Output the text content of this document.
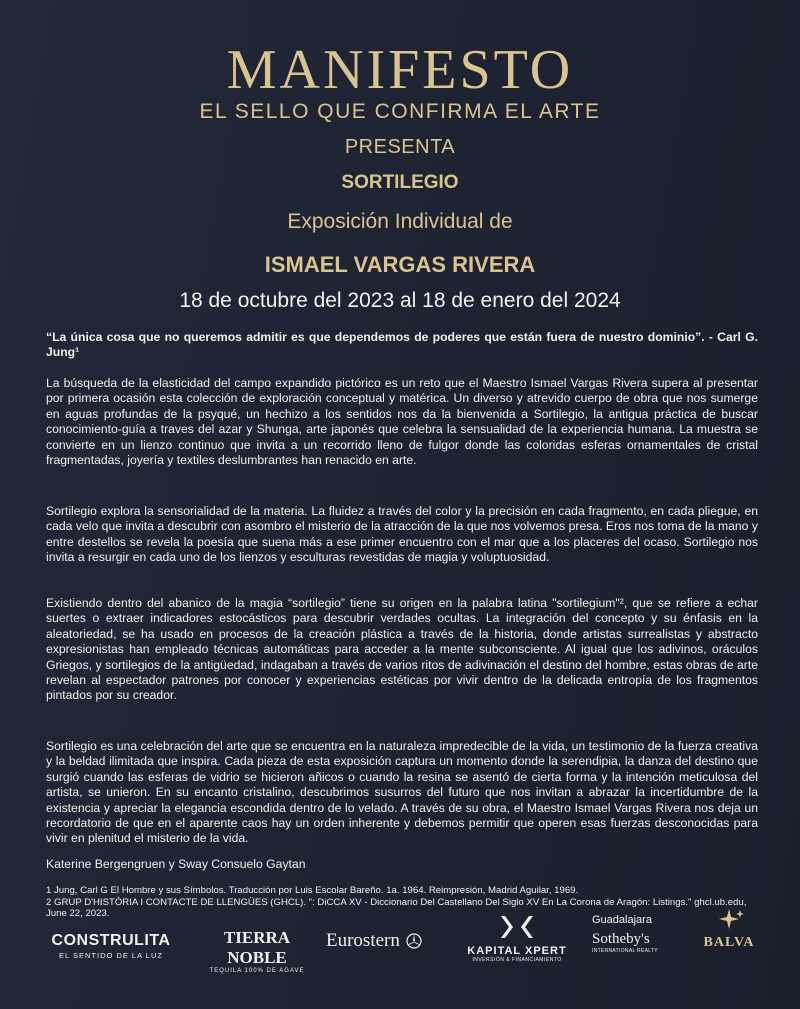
MANIFESTO
EL SELLO QUE CONFIRMA EL ARTE
PRESENTA
SORTILEGIO
Exposición Individual de
ISMAEL VARGAS RIVERA
18 de octubre del 2023 al 18 de enero del 2024
“La única cosa que no queremos admitir es que dependemos de poderes que están fuera de nuestro dominio”. - Carl G. Jung¹
La búsqueda de la elasticidad del campo expandido pictórico es un reto que el Maestro Ismael Vargas Rivera supera al presentar por primera ocasión esta colección de exploración conceptual y matérica. Un diverso y atrevido cuerpo de obra que nos sumerge en aguas profundas de la psyqué, un hechizo a los sentidos nos da la bienvenida a Sortilegio, la antigua práctica de buscar conocimiento-guía a traves del azar y Shunga, arte japonés que celebra la sensualidad de la experiencia humana. La muestra se convierte en un lienzo continuo que invita a un recorrido lleno de fulgor donde las coloridas esferas ornamentales de cristal fragmentadas, joyería y textiles deslumbrantes han renacido en arte.
Sortilegio explora la sensorialidad de la materia. La fluidez a través del color y la precisión en cada fragmento, en cada pliegue, en cada velo que invita a descubrir con asombro el misterio de la atracción de la que nos volvemos presa. Eros nos toma de la mano y entre destellos se revela la poesía que suena más a ese primer encuentro con el mar que a los placeres del ocaso. Sortilegio nos invita a resurgir en cada uno de los lienzos y esculturas revestidas de magia y voluptuosidad.
Existiendo dentro del abanico de la magia “sortilegio” tiene su origen en la palabra latina "sortilegium"², que se refiere a echar suertes o extraer indicadores estocásticos para descubrir verdades ocultas. La integración del concepto y su énfasis en la aleatoriedad, se ha usado en procesos de la creación plástica a través de la historia, donde artistas surrealistas y abstracto expresionistas han empleado técnicas automáticas para acceder a la mente subconsciente. Al igual que los adivinos, oráculos Griegos, y sortilegios de la antigüedad, indagaban a través de varios ritos de adivinación el destino del hombre, estas obras de arte revelan al espectador patrones por conocer y experiencias estéticas por vivir dentro de la delicada entropía de los fragmentos pintados por su creador.
Sortilegio es una celebración del arte que se encuentra en la naturaleza impredecible de la vida, un testimonio de la fuerza creativa y la beldad ilimitada que inspira. Cada pieza de esta exposición captura un momento donde la serendipia, la danza del destino que surgió cuando las esferas de vidrio se hicieron añicos o cuando la resina se asentó de cierta forma y la intención meticulosa del artista, se unieron. En su encanto cristalino, descubrimos susurros del futuro que nos invitan a abrazar la incertidumbre de la existencia y apreciar la elegancia escondida dentro de lo velado. A través de su obra, el Maestro Ismael Vargas Rivera nos deja un recordatorio de que en el aparente caos hay un orden inherente y debemos permitir que operen esas fuerzas desconocidas para vivir en plenitud el misterio de la vida.
Katerine Bergengruen y Sway Consuelo Gaytan
1 Jung, Carl G El Hombre y sus Símbolos. Traducción por Luis Escolar Bareño. 1a. 1964. Reimpresión, Madrid Aguilar, 1969.
2 GRUP D'HISTÒRIA I CONTACTE DE LLENGÜES (GHCL). ": DiCCA XV - Diccionario Del Castellano Del Siglo XV En La Corona de Aragón: Listings." ghcl.ub.edu, June 22, 2023.
CONSTRULITA
EL SENTIDO DE LA LUZ
TIERRA NOBLE
TEQUILA 100% DE AGAVE
Eurostern	KAPITAL XPERT
INVERSIÓN & FINANCIAMIENTO
Guadalajara
Sotheby's
INTERNATIONAL REALTY
BALVA
